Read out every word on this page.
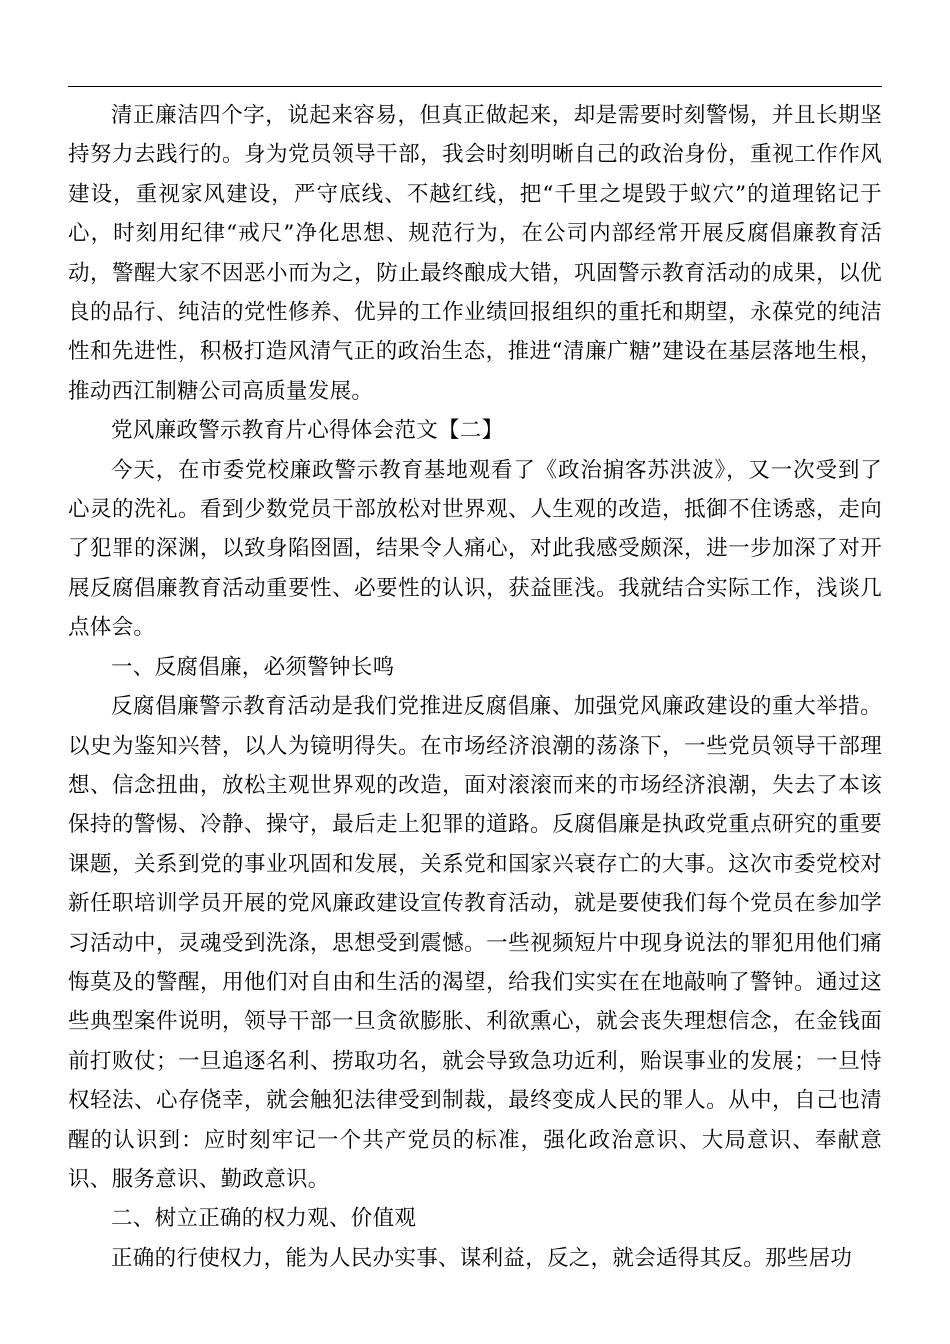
清正廉洁四个字，说起来容易，但真正做起来，却是需要时刻警惕，并且长期坚持努力去践行的。身为党员领导干部，我会时刻明晰自己的政治身份，重视工作作风建设，重视家风建设，严守底线、不越红线，把“千里之堤毁于蚁穴”的道理铭记于心，时刻用纪律“戒尺”净化思想、规范行为，在公司内部经常开展反腐倡廉教育活动，警醒大家不因恶小而为之，防止最终酿成大错，巩固警示教育活动的成果，以优良的品行、纯洁的党性修养、优异的工作业绩回报组织的重托和期望，永葆党的纯洁性和先进性，积极打造风清气正的政治生态，推进“清廉广糖”建设在基层落地生根，推动西江制糖公司高质量发展。

党风廉政警示教育片心得体会范文【二】

今天，在市委党校廉政警示教育基地观看了《政治掮客苏洪波》，又一次受到了心灵的洗礼。看到少数党员干部放松对世界观、人生观的改造，抵御不住诱惑，走向了犯罪的深渊，以致身陷囹圄，结果令人痛心，对此我感受颇深，进一步加深了对开展反腐倡廉教育活动重要性、必要性的认识，获益匪浅。我就结合实际工作，浅谈几点体会。

一、反腐倡廉，必须警钟长鸣

反腐倡廉警示教育活动是我们党推进反腐倡廉、加强党风廉政建设的重大举措。以史为鉴知兴替，以人为镜明得失。在市场经济浪潮的荡涤下，一些党员领导干部理想、信念扭曲，放松主观世界观的改造，面对滚滚而来的市场经济浪潮，失去了本该保持的警惕、冷静、操守，最后走上犯罪的道路。反腐倡廉是执政党重点研究的重要课题，关系到党的事业巩固和发展，关系党和国家兴衰存亡的大事。这次市委党校对新任职培训学员开展的党风廉政建设宣传教育活动，就是要使我们每个党员在参加学习活动中，灵魂受到洗涤，思想受到震憾。一些视频短片中现身说法的罪犯用他们痛悔莫及的警醒，用他们对自由和生活的渴望，给我们实实在在地敲响了警钟。通过这些典型案件说明，领导干部一旦贪欲膨胀、利欲熏心，就会丧失理想信念，在金钱面前打败仗；一旦追逐名利、捞取功名，就会导致急功近利，贻误事业的发展；一旦恃权轻法、心存侥幸，就会触犯法律受到制裁，最终变成人民的罪人。从中，自己也清醒的认识到：应时刻牢记一个共产党员的标准，强化政治意识、大局意识、奉献意识、服务意识、勤政意识。

二、树立正确的权力观、价值观

正确的行使权力，能为人民办实事、谋利益，反之，就会适得其反。那些居功
